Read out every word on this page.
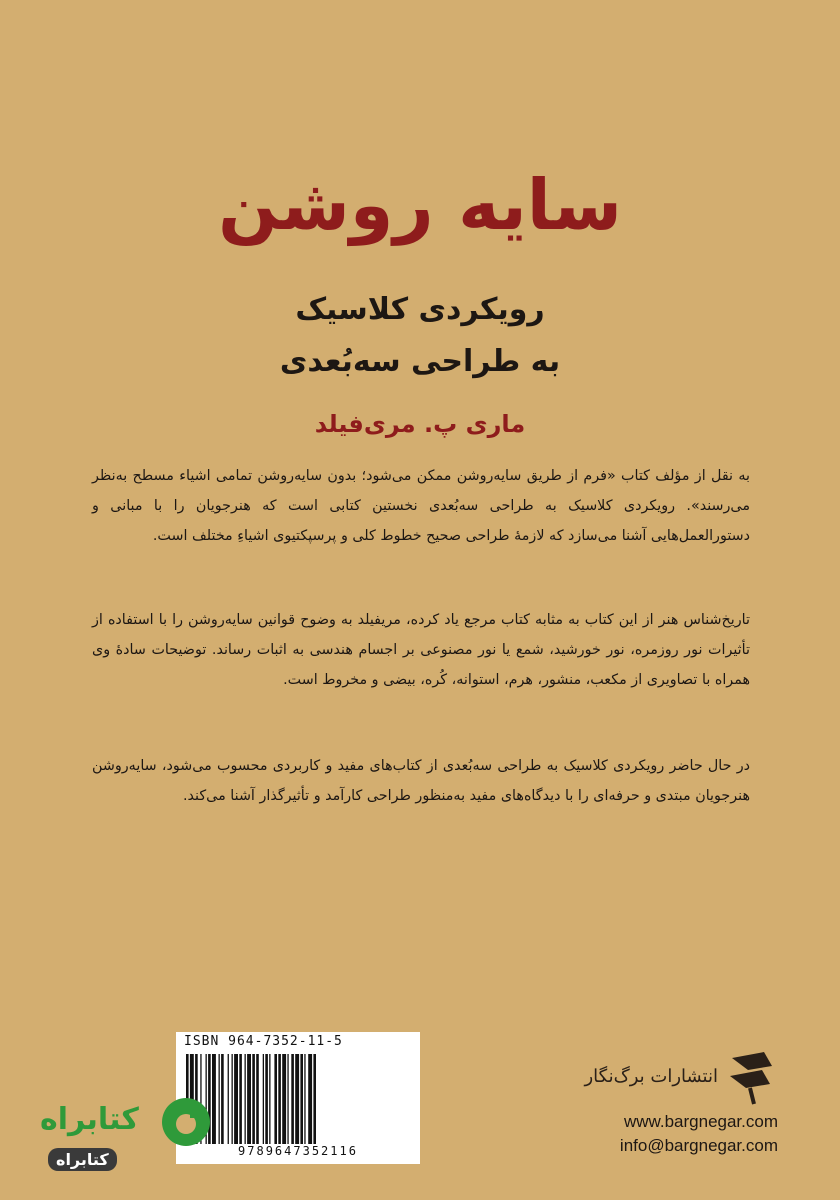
سایه روشن
رویکردی کلاسیک
به طراحی سه‌بُعدی
ماری پ. مری‌فیلد
به نقل از مؤلف کتاب «فرم از طریق سایه‌روشن ممکن می‌شود؛ بدون سایه‌روشن تمامی اشیاء مسطح به‌نظر می‌رسند». رویکردی کلاسیک به طراحی سه‌بُعدی نخستین کتابی است که هنرجویان را با مبانی و دستورالعمل‌هایی آشنا می‌سازد که لازمهٔ طراحی صحیح خطوط کلی و پرسپکتیوی اشیاءِ مختلف است.
تاریخ‌شناس هنر از این کتاب به مثابه کتاب مرجع یاد کرده، مریفیلد به وضوح قوانین سایه‌روشن را با استفاده از تأثیرات نور روزمره، نور خورشید، شمع یا نور مصنوعی بر اجسام هندسی به اثبات رساند. توضیحات سادهٔ وی همراه با تصاویری از مکعب، منشور، هرم، استوانه، کُره، بیضی و مخروط است.
در حال حاضر رویکردی کلاسیک به طراحی سه‌بُعدی از کتاب‌های مفید و کاربردی محسوب می‌شود، سایه‌روشن هنرجویان مبتدی و حرفه‌ای را با دیدگاه‌های مفید به‌منظور طراحی کارآمد و تأثیرگذار آشنا می‌کند.
ISBN 964-7352-11-5
9789647352116
انتشارات برگ‌نگار
www.bargnegar.com
info@bargnegar.com
کتابراه
کتابراه
